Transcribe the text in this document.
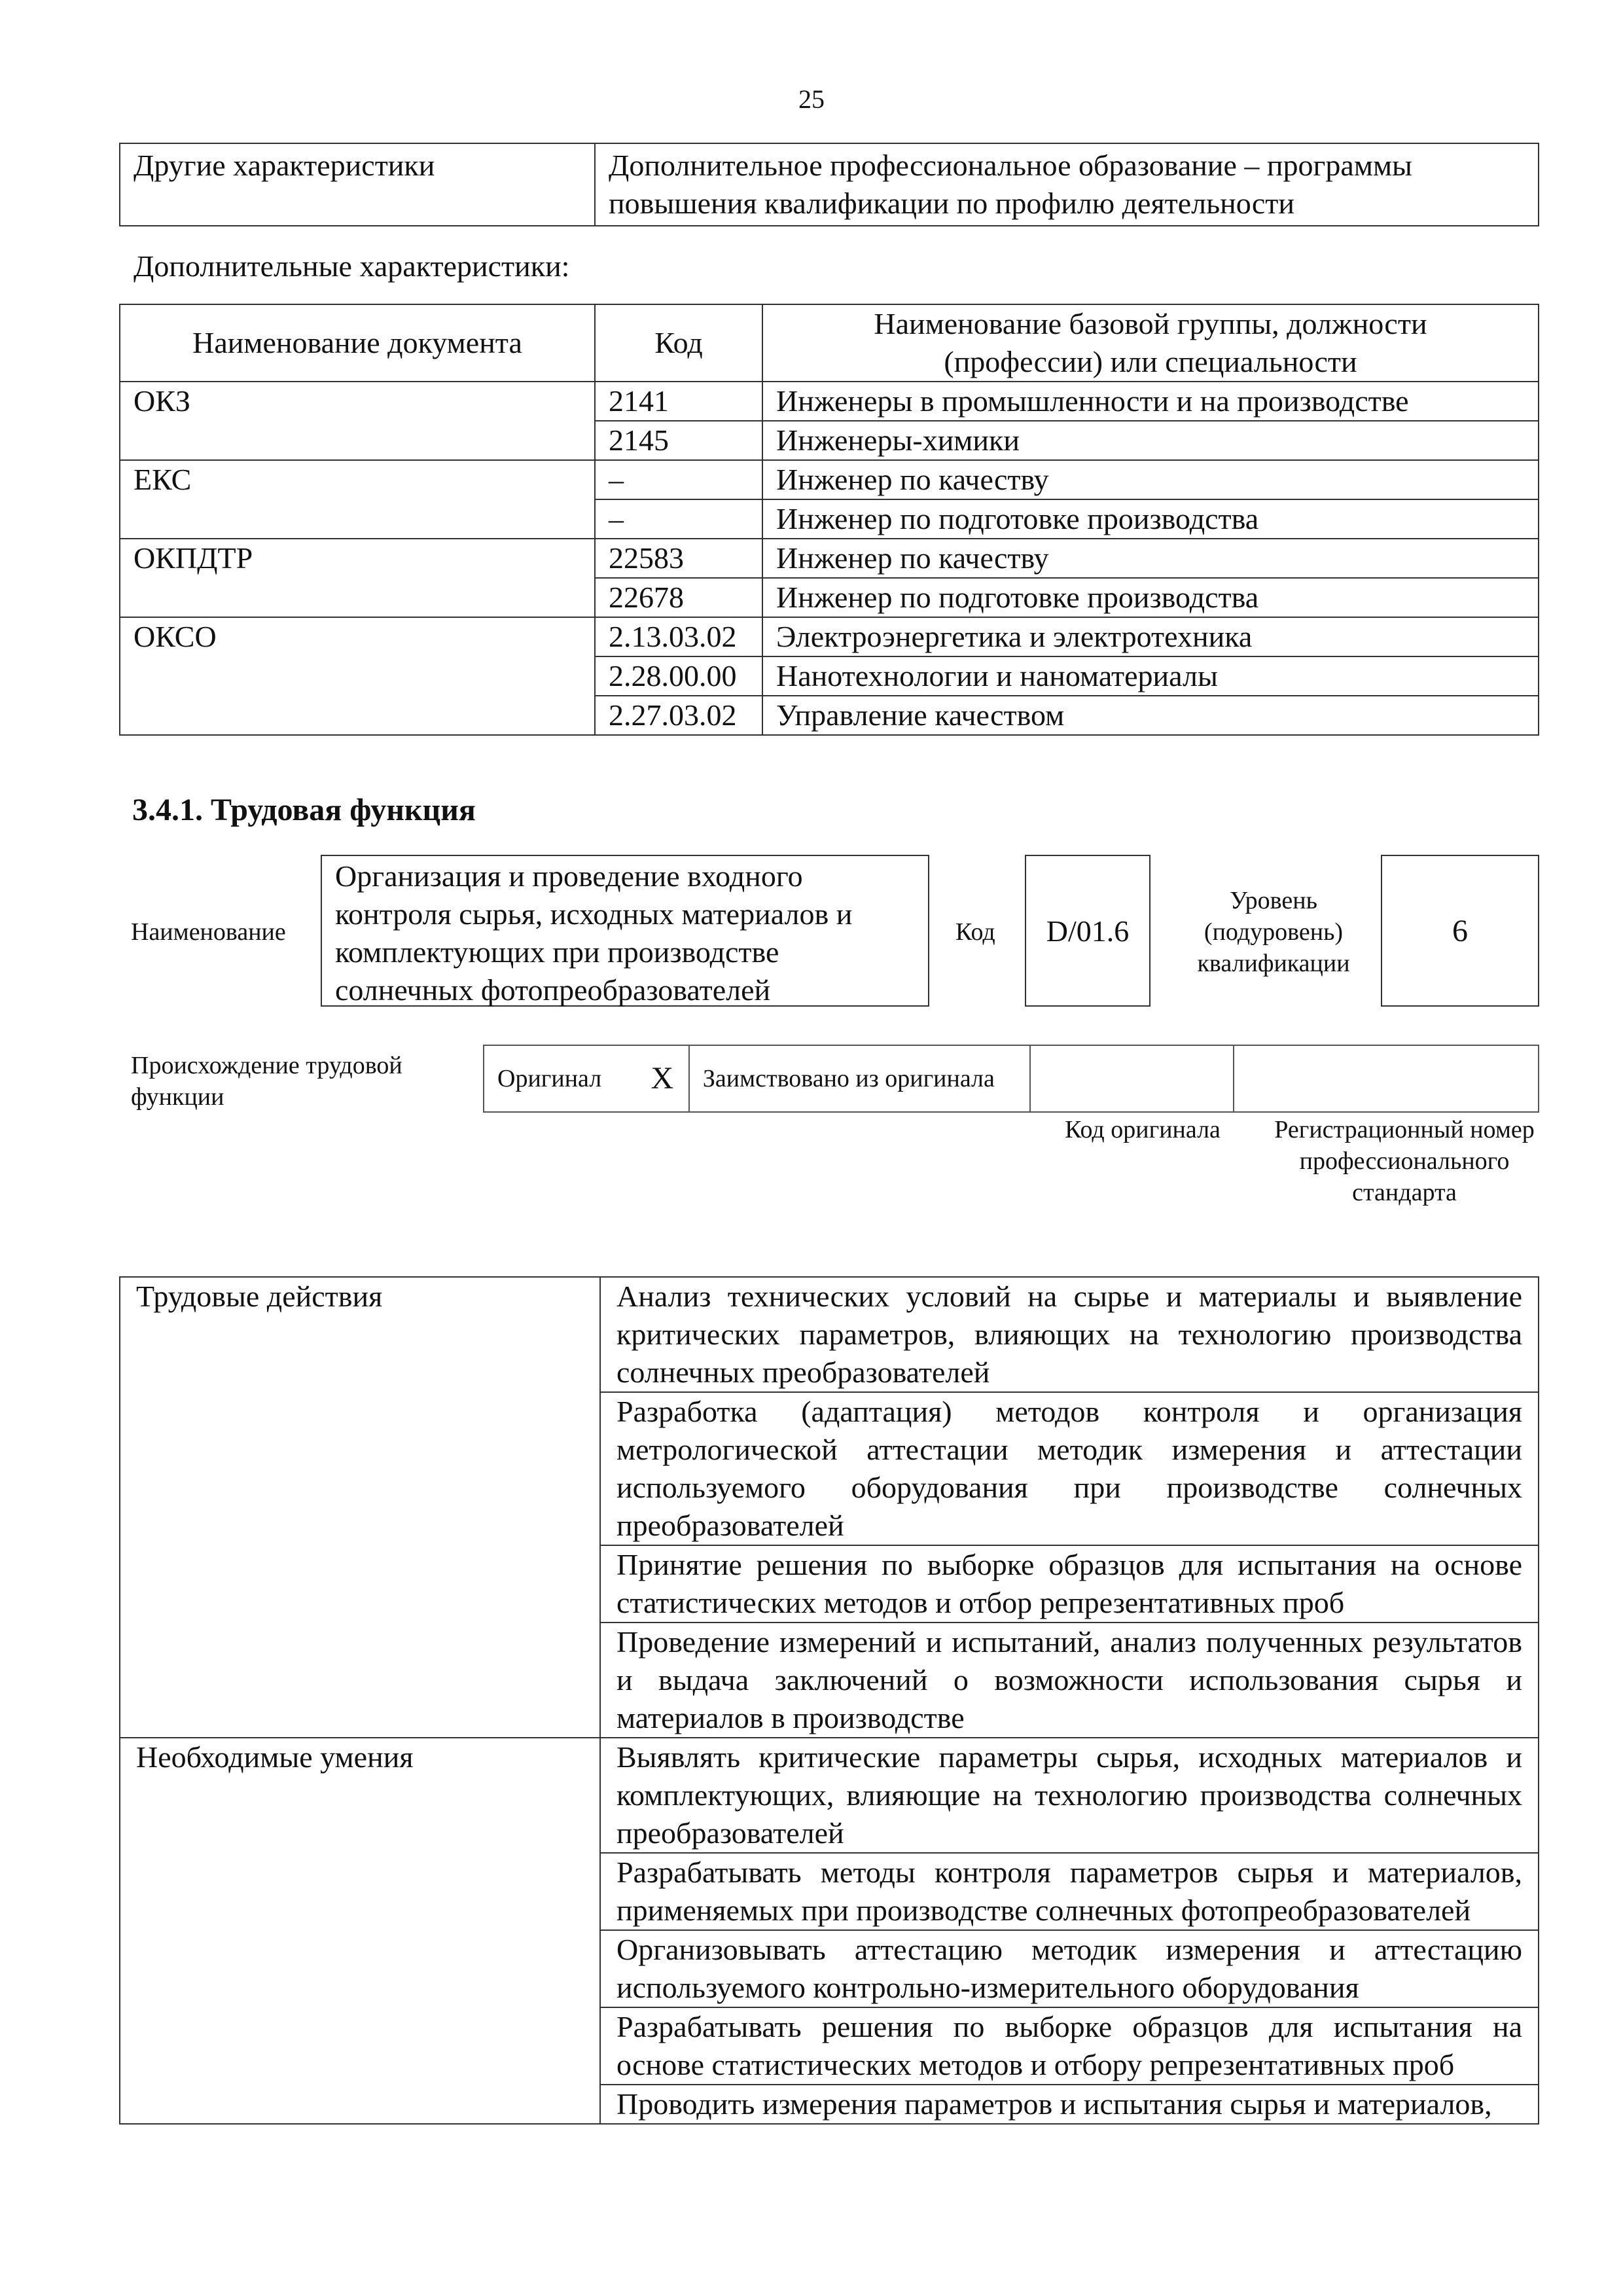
25
Другие характеристики	Дополнительное профессиональное образование – программы повышения квалификации по профилю деятельности
Дополнительные характеристики:
Наименование документа	Код	Наименование базовой группы, должности
(профессии) или специальности

ОКЗ	2141	Инженеры в промышленности и на производстве
	2145	Инженеры-химики
ЕКС	–	Инженер по качеству
	–	Инженер по подготовке производства
ОКПДТР	22583	Инженер по качеству
	22678	Инженер по подготовке производства
ОКСО	2.13.03.02	Электроэнергетика и электротехника
	2.28.00.00	Нанотехнологии и наноматериалы
	2.27.03.02	Управление качеством
3.4.1. Трудовая функция
Наименование
Организация и проведение входного контроля сырья, исходных материалов и комплектующих при производстве солнечных фотопреобразователей
Код	D/01.6
Уровень
(подуровень)
квалификации
6
Происхождение трудовой функции
Оригинал	X	Заимствовано из оригинала		
Код оригинала	Регистрационный номер профессионального стандарта
Трудовые действия	Анализ технических условий на сырье и материалы и выявление критических параметров, влияющих на технологию производства солнечных преобразователей
	Разработка (адаптация) методов контроля и организация метрологической аттестации методик измерения и аттестации используемого оборудования при производстве солнечных преобразователей
	Принятие решения по выборке образцов для испытания на основе статистических методов и отбор репрезентативных проб
	Проведение измерений и испытаний, анализ полученных результатов и выдача заключений о возможности использования сырья и материалов в производстве
Необходимые умения	Выявлять критические параметры сырья, исходных материалов и комплектующих, влияющие на технологию производства солнечных преобразователей
	Разрабатывать методы контроля параметров сырья и материалов, применяемых при производстве солнечных фотопреобразователей
	Организовывать аттестацию методик измерения и аттестацию используемого контрольно-измерительного оборудования
	Разрабатывать решения по выборке образцов для испытания на основе статистических методов и отбору репрезентативных проб
	Проводить измерения параметров и испытания сырья и материалов,
